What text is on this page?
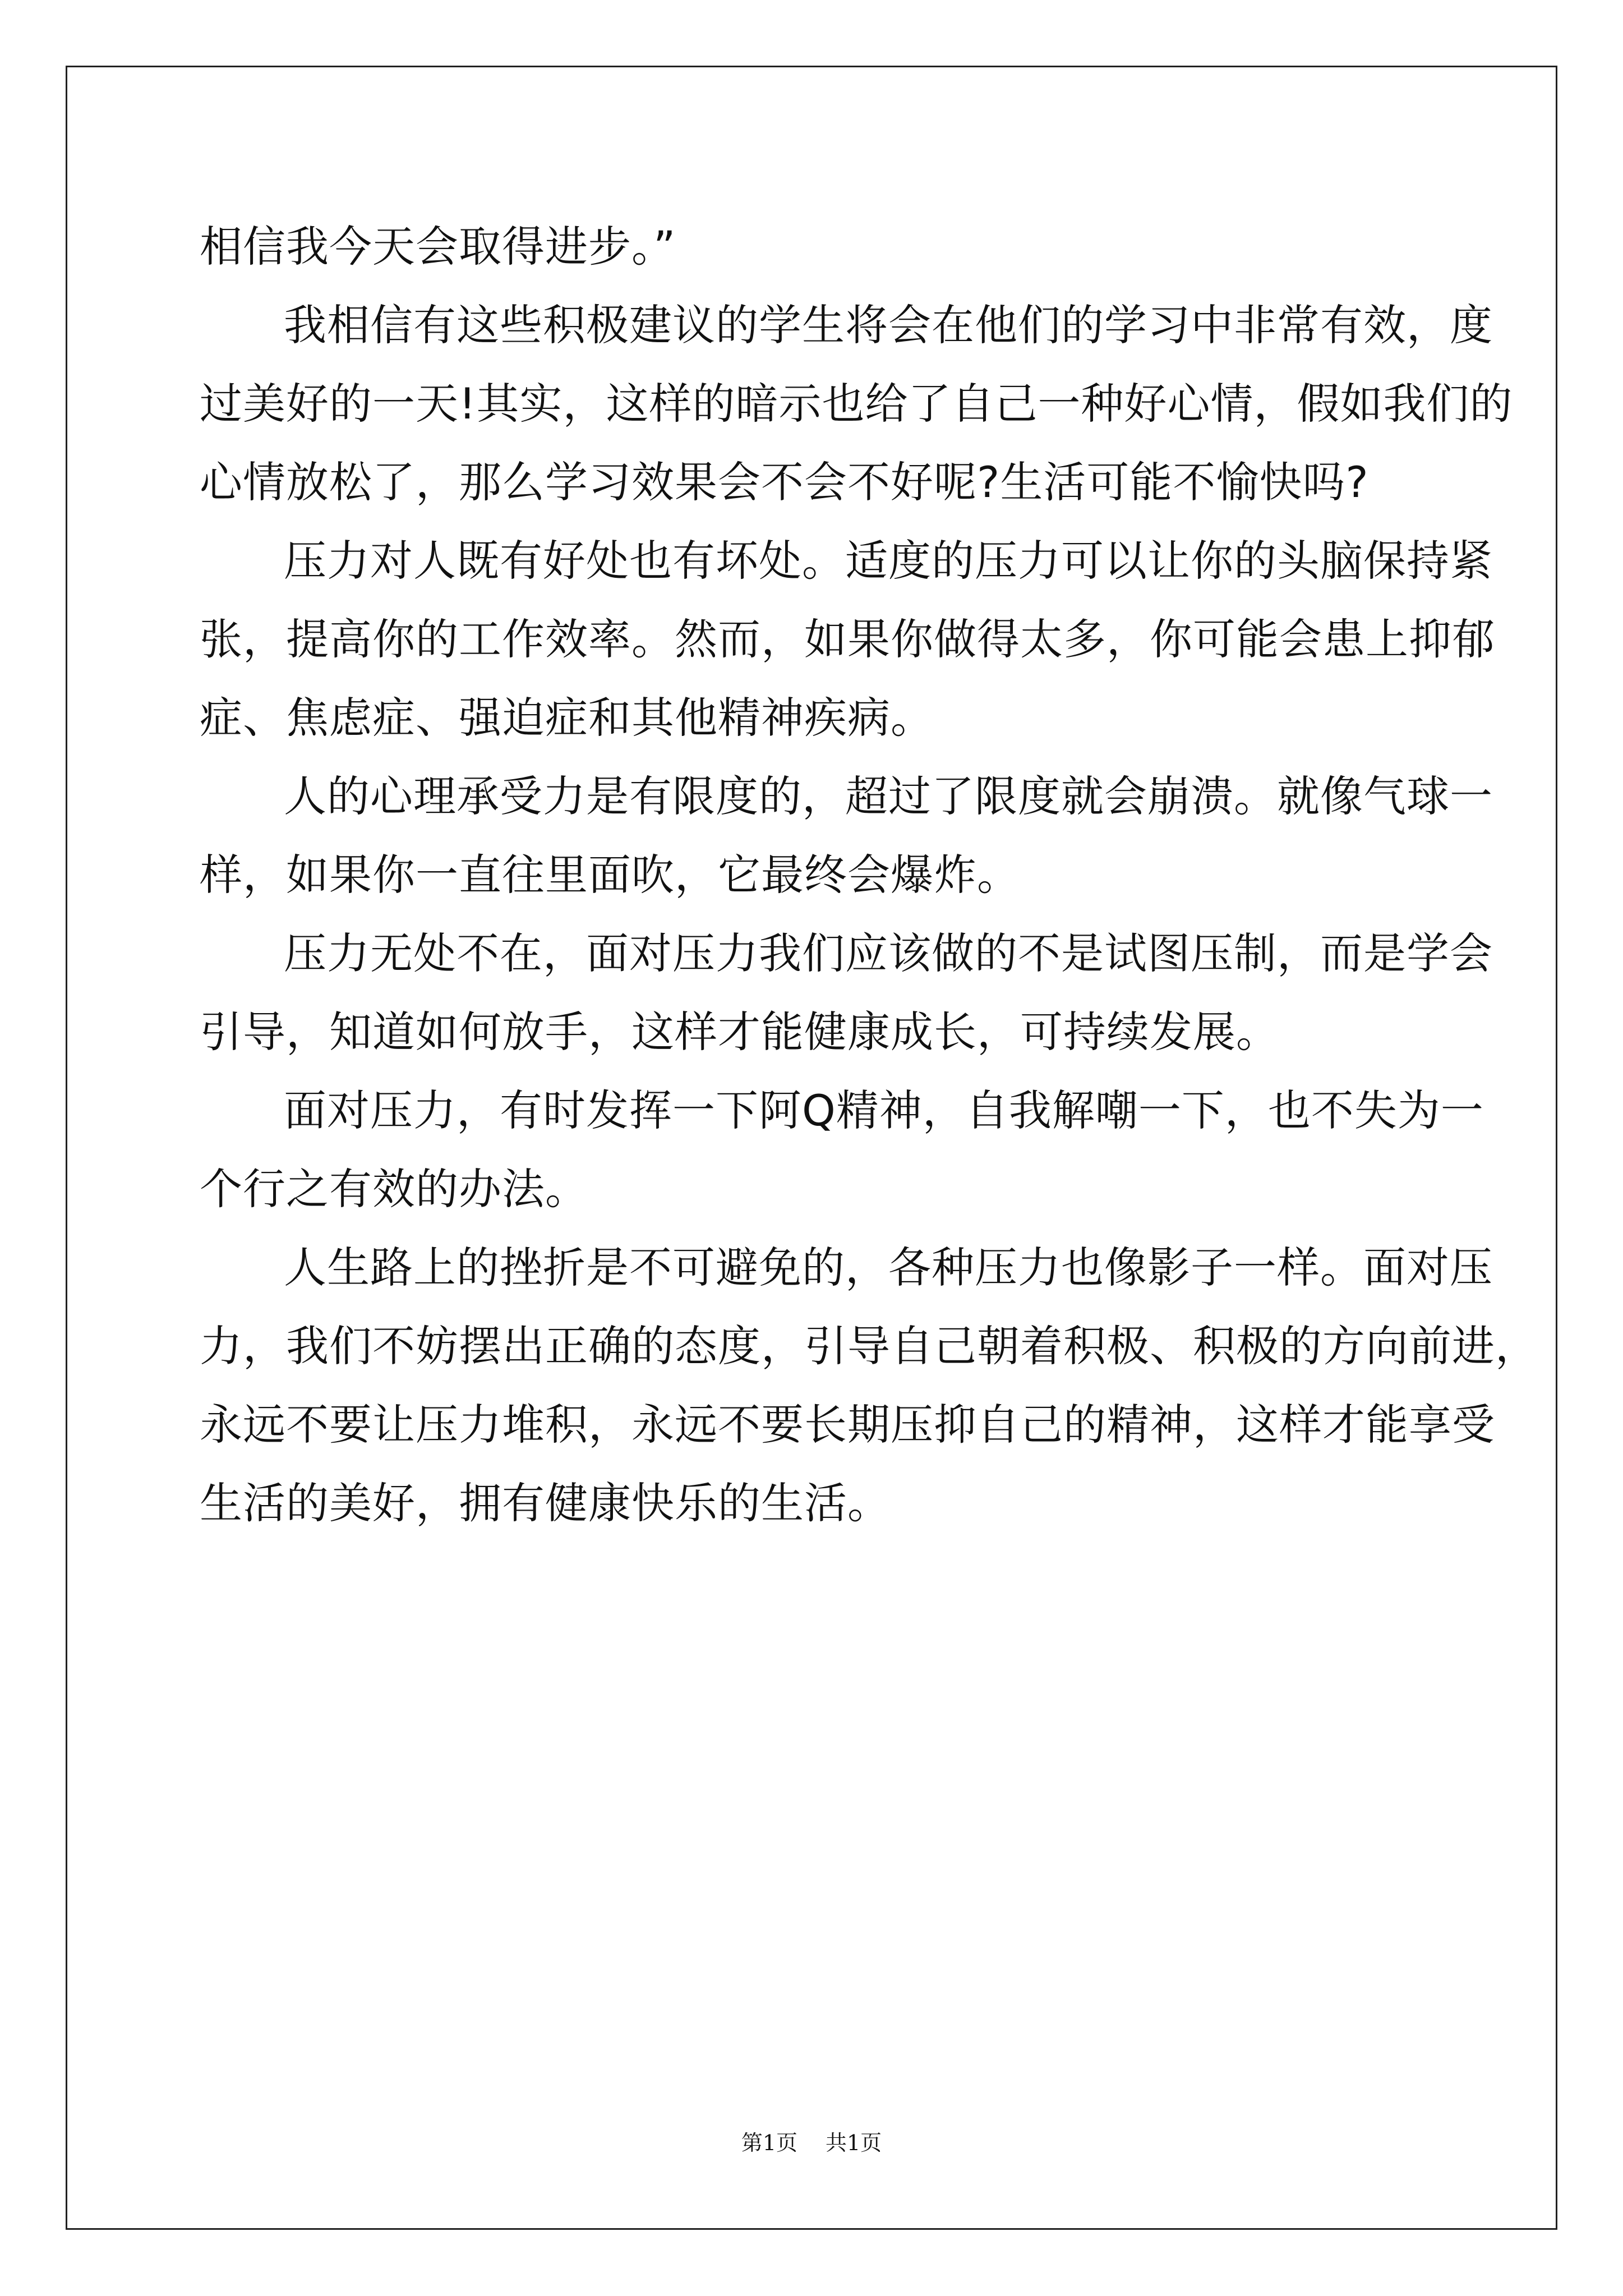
相信我今天会取得进步。”
我相信有这些积极建议的学生将会在他们的学习中非常有效，度
过美好的一天!其实，这样的暗示也给了自己一种好心情，假如我们的
心情放松了，那么学习效果会不会不好呢?生活可能不愉快吗?
压力对人既有好处也有坏处。适度的压力可以让你的头脑保持紧
张，提高你的工作效率。然而，如果你做得太多，你可能会患上抑郁
症、焦虑症、强迫症和其他精神疾病。
人的心理承受力是有限度的，超过了限度就会崩溃。就像气球一
样，如果你一直往里面吹，它最终会爆炸。
压力无处不在，面对压力我们应该做的不是试图压制，而是学会
引导，知道如何放手，这样才能健康成长，可持续发展。
面对压力，有时发挥一下阿Q精神，自我解嘲一下，也不失为一
个行之有效的办法。
人生路上的挫折是不可避免的，各种压力也像影子一样。面对压
力，我们不妨摆出正确的态度，引导自己朝着积极、积极的方向前进，
永远不要让压力堆积，永远不要长期压抑自己的精神，这样才能享受
生活的美好，拥有健康快乐的生活。
第1页 共1页
